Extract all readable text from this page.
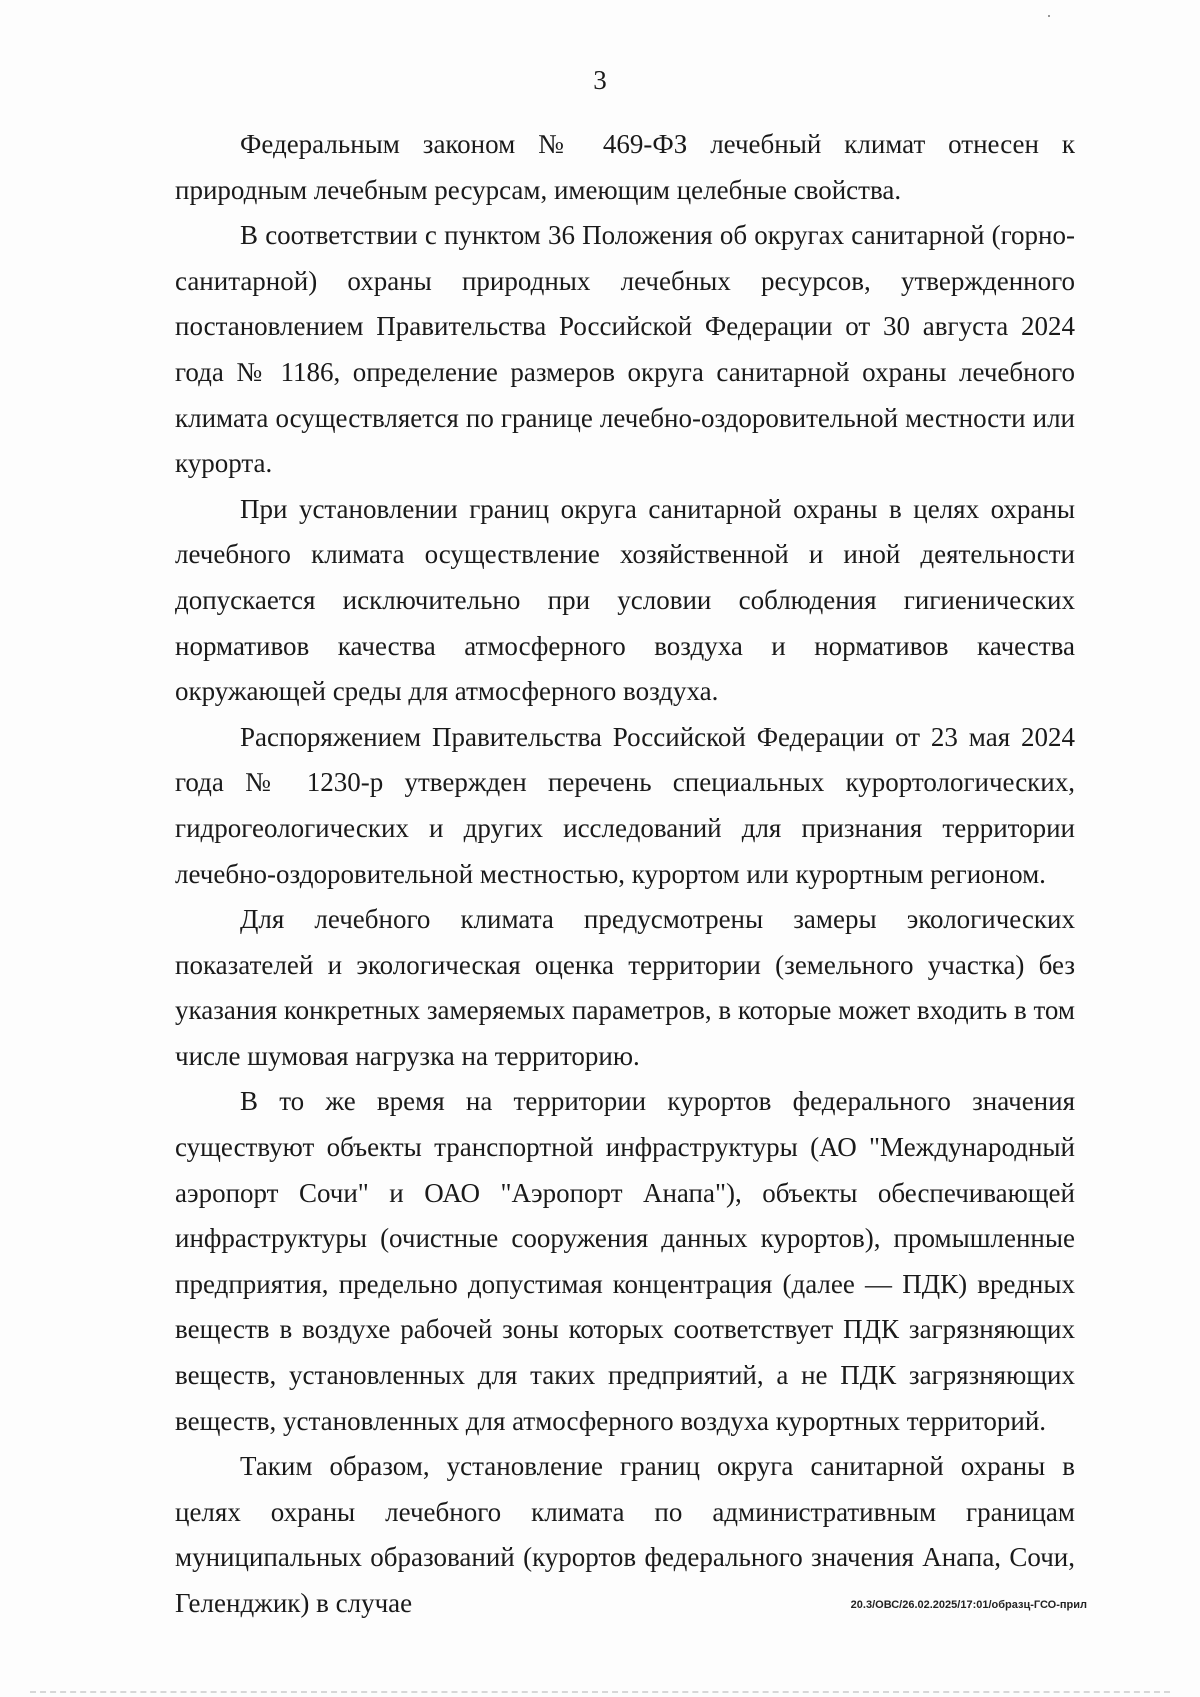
3

Федеральным законом № 469-ФЗ лечебный климат отнесен к природным лечебным ресурсам, имеющим целебные свойства.

В соответствии с пунктом 36 Положения об округах санитарной (горно-санитарной) охраны природных лечебных ресурсов, утвержденного постановлением Правительства Российской Федерации от 30 августа 2024 года № 1186, определение размеров округа санитарной охраны лечебного климата осуществляется по границе лечебно-оздоровительной местности или курорта.

При установлении границ округа санитарной охраны в целях охраны лечебного климата осуществление хозяйственной и иной деятельности допускается исключительно при условии соблюдения гигиенических нормативов качества атмосферного воздуха и нормативов качества окружающей среды для атмосферного воздуха.

Распоряжением Правительства Российской Федерации от 23 мая 2024 года № 1230-р утвержден перечень специальных курортологических, гидрогеологических и других исследований для признания территории лечебно-оздоровительной местностью, курортом или курортным регионом.

Для лечебного климата предусмотрены замеры экологических показателей и экологическая оценка территории (земельного участка) без указания конкретных замеряемых параметров, в которые может входить в том числе шумовая нагрузка на территорию.

В то же время на территории курортов федерального значения существуют объекты транспортной инфраструктуры (АО "Международный аэропорт Сочи" и ОАО "Аэропорт Анапа"), объекты обеспечивающей инфраструктуры (очистные сооружения данных курортов), промышленные предприятия, предельно допустимая концентрация (далее — ПДК) вредных веществ в воздухе рабочей зоны которых соответствует ПДК загрязняющих веществ, установленных для таких предприятий, а не ПДК загрязняющих веществ, установленных для атмосферного воздуха курортных территорий.

Таким образом, установление границ округа санитарной охраны в целях охраны лечебного климата по административным границам муниципальных образований (курортов федерального значения Анапа, Сочи, Геленджик) в случае	20.3/ОВС/26.02.2025/17:01/образц-ГСО-прил
